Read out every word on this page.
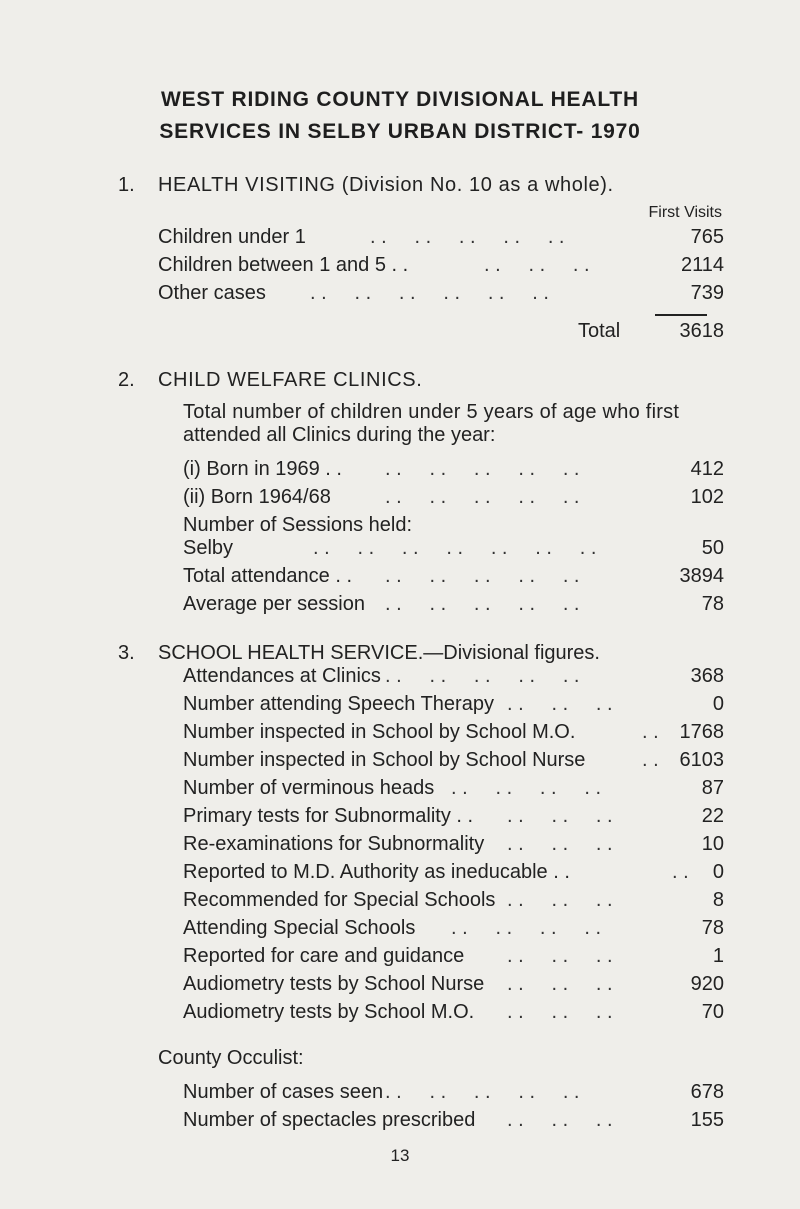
WEST RIDING COUNTY DIVISIONAL HEALTH
SERVICES IN SELBY URBAN DISTRICT- 1970
1. HEALTH VISITING (Division No. 10 as a whole).
First Visits
Children under 1	. .     . .     . .     . .     . .	765
Children between 1 and 5 . .	. .     . .     . .	2114
Other cases . .     . .     . .     . .     . .     . .	739
Total	3618
2. CHILD WELFARE CLINICS.
Total number of children under 5 years of age who first
attended all Clinics during the year:
(i) Born in 1969 . . . .     . .     . .     . .     . .	412
(ii) Born 1964/68	. .     . .     . .     . .     . .	102
Number of Sessions held:
Selby	. .     . .     . .     . .     . .     . .     . .	50
Total attendance . . . .     . .     . .     . .     . .	3894
Average per session . .     . .     . .     . .     . .	78
3. SCHOOL HEALTH SERVICE.—Divisional figures.
Attendances at Clinics . .     . .     . .     . .     . .	368
Number attending Speech Therapy . .     . .     . .	0
Number inspected in School by School M.O.	. . 1768
Number inspected in School by School Nurse	. . 6103
Number of verminous heads . .     . .     . .     . .	87
Primary tests for Subnormality . . . .     . .     . .	22
Re-examinations for Subnormality . .     . .     . .	10
Reported to M.D. Authority as ineducable . .	. . 0
Recommended for Special Schools . .     . .     . .	8
Attending Special Schools . .     . .     . .     . .	78
Reported for care and guidance . .     . .     . .	1
Audiometry tests by School Nurse . .     . .     . .	920
Audiometry tests by School M.O. . .     . .     . .	70
County Occulist:
Number of cases seen . .     . .     . .     . .     . .	678
Number of spectacles prescribed . .     . .     . .	155
13
